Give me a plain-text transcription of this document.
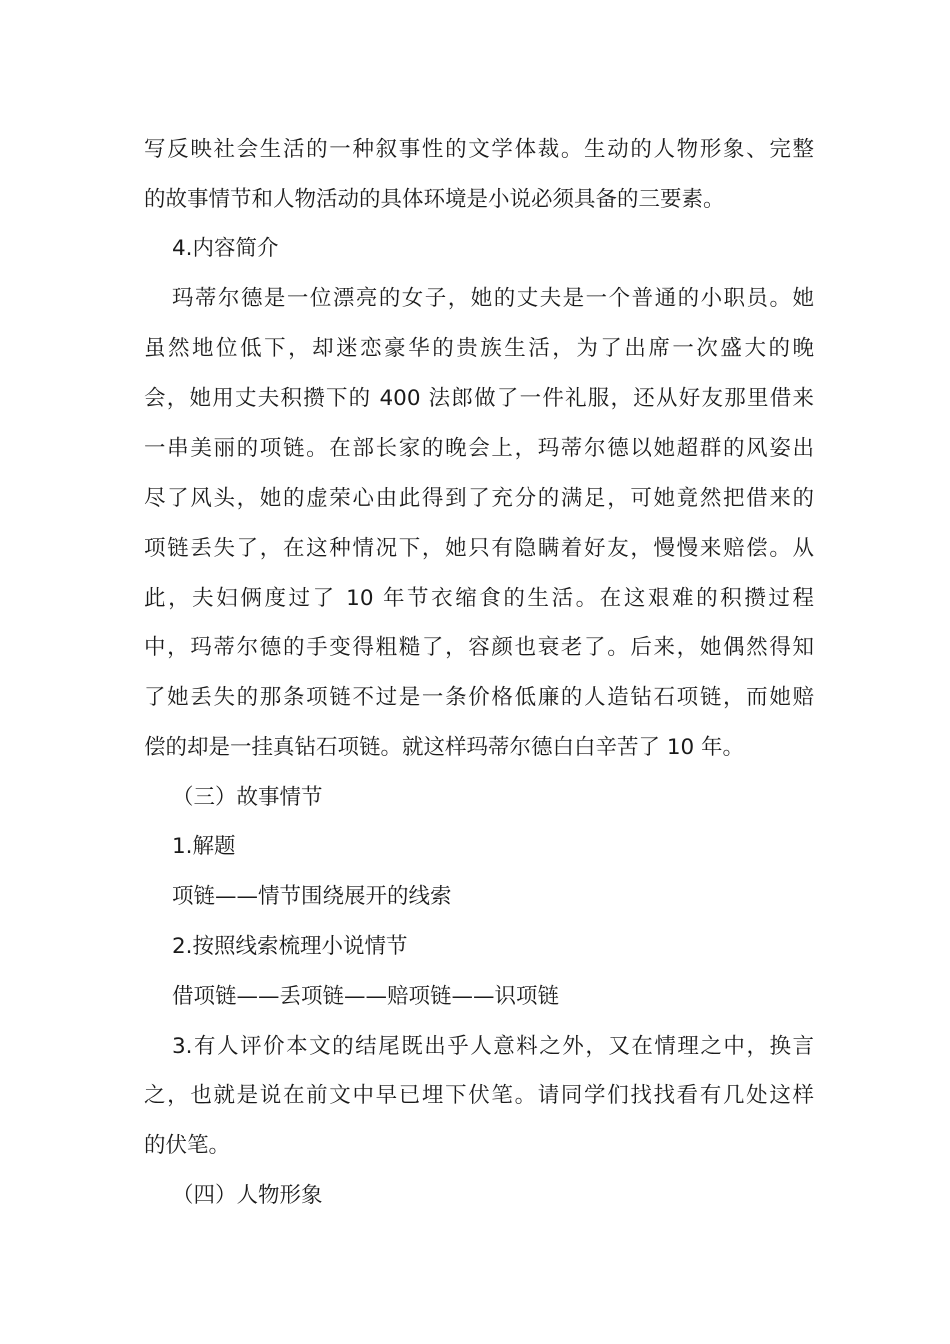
写反映社会生活的一种叙事性的文学体裁。生动的人物形象、完整
的故事情节和人物活动的具体环境是小说必须具备的三要素。
4.内容简介
玛蒂尔德是一位漂亮的女子，她的丈夫是一个普通的小职员。她
虽然地位低下，却迷恋豪华的贵族生活，为了出席一次盛大的晚
会，她用丈夫积攒下的 400 法郎做了一件礼服，还从好友那里借来
一串美丽的项链。在部长家的晚会上，玛蒂尔德以她超群的风姿出
尽了风头，她的虚荣心由此得到了充分的满足，可她竟然把借来的
项链丢失了，在这种情况下，她只有隐瞒着好友，慢慢来赔偿。从
此，夫妇俩度过了 10 年节衣缩食的生活。在这艰难的积攒过程
中，玛蒂尔德的手变得粗糙了，容颜也衰老了。后来，她偶然得知
了她丢失的那条项链不过是一条价格低廉的人造钻石项链，而她赔
偿的却是一挂真钻石项链。就这样玛蒂尔德白白辛苦了 10 年。
（三）故事情节
1.解题
项链——情节围绕展开的线索
2.按照线索梳理小说情节
借项链——丢项链——赔项链——识项链
3.有人评价本文的结尾既出乎人意料之外，又在情理之中，换言
之，也就是说在前文中早已埋下伏笔。请同学们找找看有几处这样
的伏笔。
（四）人物形象
